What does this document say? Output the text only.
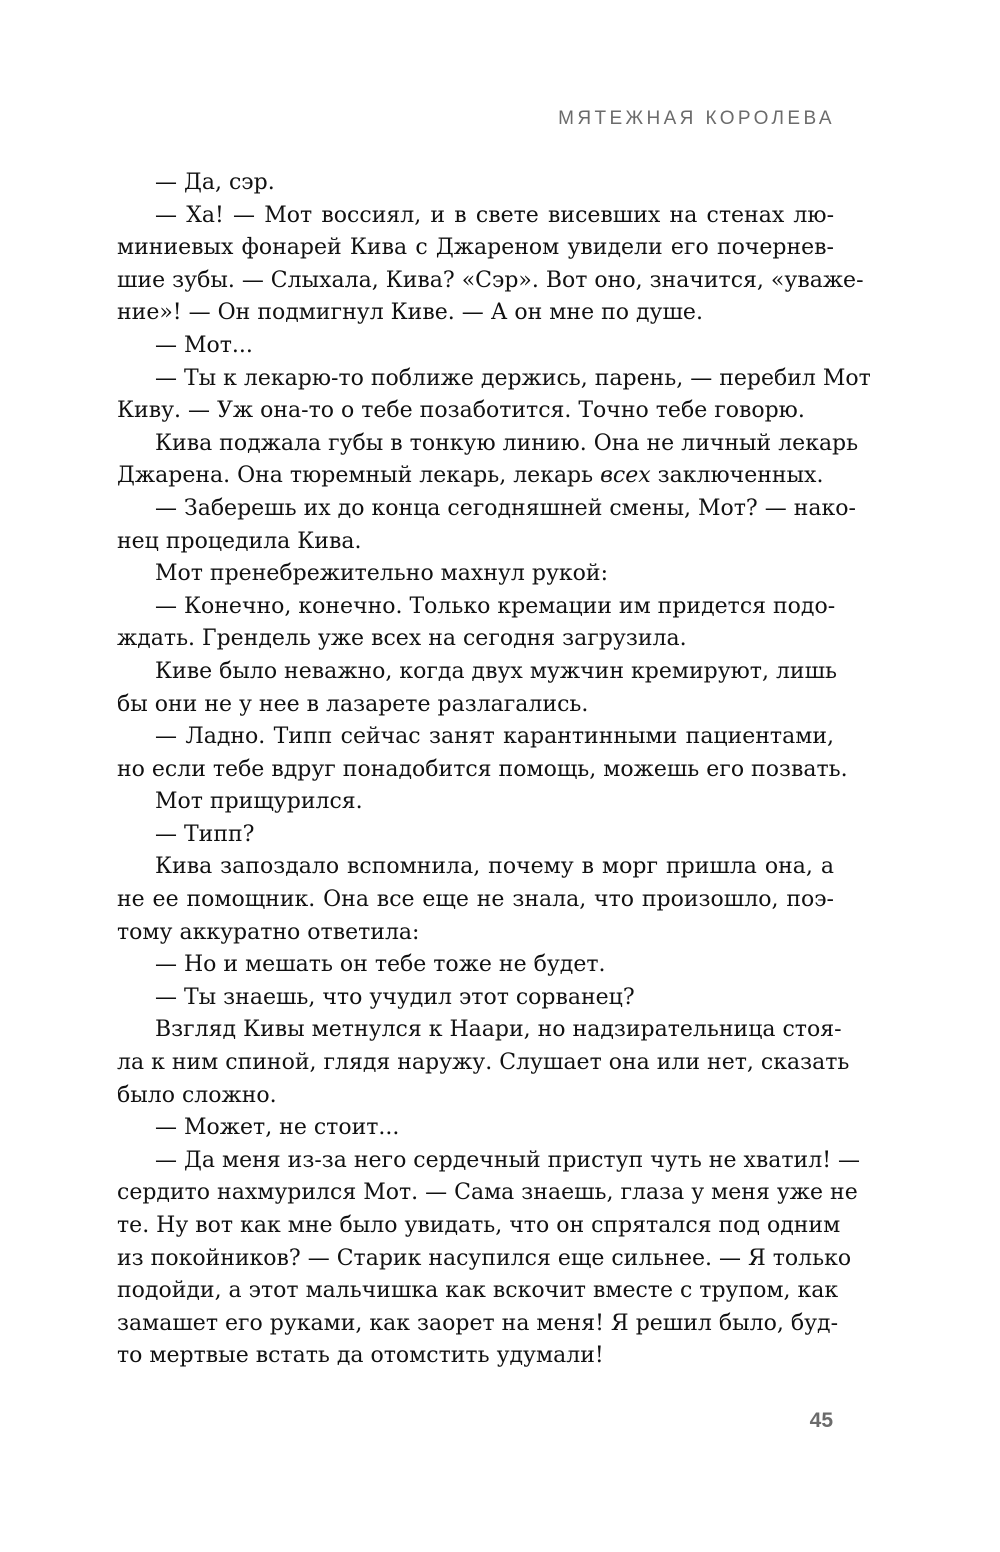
МЯТЕЖНАЯ КОРОЛЕВА
— Да, сэр.
— Ха! — Мот воссиял, и в свете висевших на стенах лю-
миниевых фонарей Кива с Джареном увидели его почернев-
шие зубы. — Слыхала, Кива? «Сэр». Вот оно, значится, «уваже-
ние»! — Он подмигнул Киве. — А он мне по душе.
— Мот...
— Ты к лекарю-то поближе держись, парень, — перебил Мот
Киву. — Уж она-то о тебе позаботится. Точно тебе говорю.
Кива поджала губы в тонкую линию. Она не личный лекарь
Джарена. Она тюремный лекарь, лекарь всех заключенных.
— Заберешь их до конца сегодняшней смены, Мот? — нако-
нец процедила Кива.
Мот пренебрежительно махнул рукой:
— Конечно, конечно. Только кремации им придется подо-
ждать. Грендель уже всех на сегодня загрузила.
Киве было неважно, когда двух мужчин кремируют, лишь
бы они не у нее в лазарете разлагались.
— Ладно. Типп сейчас занят карантинными пациентами,
но если тебе вдруг понадобится помощь, можешь его позвать.
Мот прищурился.
— Типп?
Кива запоздало вспомнила, почему в морг пришла она, а
не ее помощник. Она все еще не знала, что произошло, поэ-
тому аккуратно ответила:
— Но и мешать он тебе тоже не будет.
— Ты знаешь, что учудил этот сорванец?
Взгляд Кивы метнулся к Наари, но надзирательница стоя-
ла к ним спиной, глядя наружу. Слушает она или нет, сказать
было сложно.
— Может, не стоит...
— Да меня из-за него сердечный приступ чуть не хватил! —
сердито нахмурился Мот. — Сама знаешь, глаза у меня уже не
те. Ну вот как мне было увидать, что он спрятался под одним
из покойников? — Старик насупился еще сильнее. — Я только
подойди, а этот мальчишка как вскочит вместе с трупом, как
замашет его руками, как заорет на меня! Я решил было, буд-
то мертвые встать да отомстить удумали!
45
